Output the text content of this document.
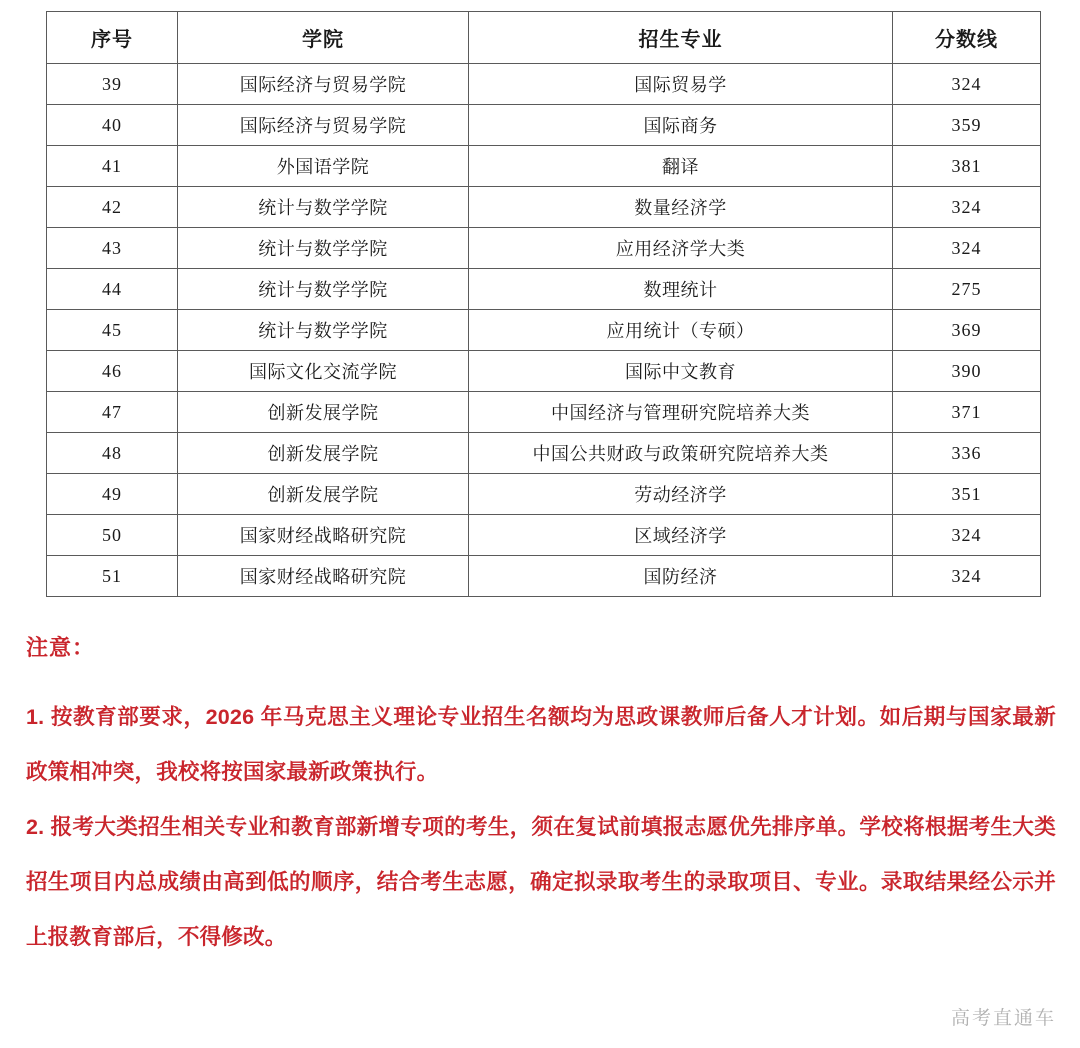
序号	学院	招生专业	分数线
39	国际经济与贸易学院	国际贸易学	324
40	国际经济与贸易学院	国际商务	359
41	外国语学院	翻译	381
42	统计与数学学院	数量经济学	324
43	统计与数学学院	应用经济学大类	324
44	统计与数学学院	数理统计	275
45	统计与数学学院	应用统计（专硕）	369
46	国际文化交流学院	国际中文教育	390
47	创新发展学院	中国经济与管理研究院培养大类	371
48	创新发展学院	中国公共财政与政策研究院培养大类	336
49	创新发展学院	劳动经济学	351
50	国家财经战略研究院	区域经济学	324
51	国家财经战略研究院	国防经济	324
注意：

1. 按教育部要求，2026 年马克思主义理论专业招生名额均为思政课教师后备人才计划。如后期与国家最新政策相冲突，我校将按国家最新政策执行。

2. 报考大类招生相关专业和教育部新增专项的考生，须在复试前填报志愿优先排序单。学校将根据考生大类招生项目内总成绩由高到低的顺序，结合考生志愿，确定拟录取考生的录取项目、专业。录取结果经公示并上报教育部后，不得修改。

高考直通车
